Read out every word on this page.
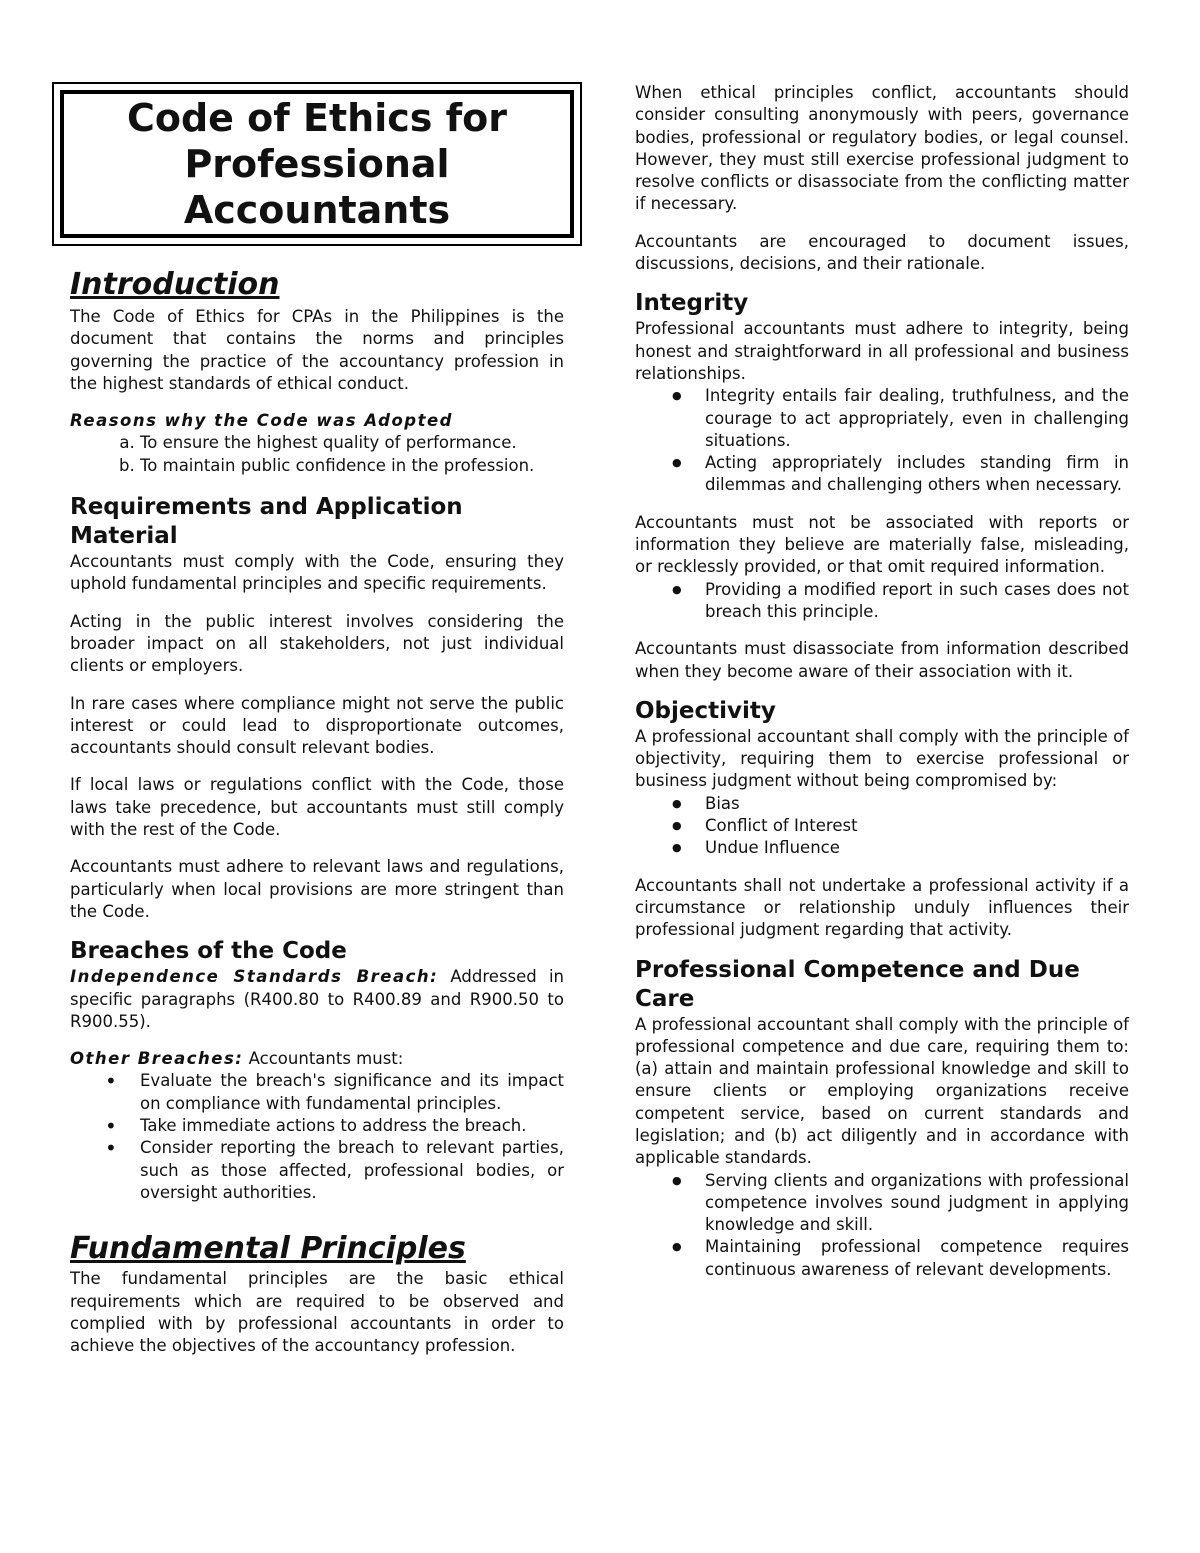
Code of Ethics for Professional Accountants
Introduction

The Code of Ethics for CPAs in the Philippines is the document that contains the norms and principles governing the practice of the accountancy profession in the highest standards of ethical conduct.

Reasons why the Code was Adopted

a. To ensure the highest quality of performance.
b. To maintain public confidence in the profession.
Requirements and Application Material

Accountants must comply with the Code, ensuring they uphold fundamental principles and specific requirements.

Acting in the public interest involves considering the broader impact on all stakeholders, not just individual clients or employers.

In rare cases where compliance might not serve the public interest or could lead to disproportionate outcomes, accountants should consult relevant bodies.

If local laws or regulations conflict with the Code, those laws take precedence, but accountants must still comply with the rest of the Code.

Accountants must adhere to relevant laws and regulations, particularly when local provisions are more stringent than the Code.

Breaches of the Code

Independence Standards Breach: Addressed in specific paragraphs (R400.80 to R400.89 and R900.50 to R900.55).

Other Breaches: Accountants must:

• Evaluate the breach's significance and its impact on compliance with fundamental principles.
• Take immediate actions to address the breach.
• Consider reporting the breach to relevant parties, such as those affected, professional bodies, or oversight authorities.
Fundamental Principles

The fundamental principles are the basic ethical requirements which are required to be observed and complied with by professional accountants in order to achieve the objectives of the accountancy profession.

When ethical principles conflict, accountants should consider consulting anonymously with peers, governance bodies, professional or regulatory bodies, or legal counsel. However, they must still exercise professional judgment to resolve conflicts or disassociate from the conflicting matter if necessary.

Accountants are encouraged to document issues, discussions, decisions, and their rationale.

Integrity

Professional accountants must adhere to integrity, being honest and straightforward in all professional and business relationships.

● Integrity entails fair dealing, truthfulness, and the courage to act appropriately, even in challenging situations.
● Acting appropriately includes standing firm in dilemmas and challenging others when necessary.

Accountants must not be associated with reports or information they believe are materially false, misleading, or recklessly provided, or that omit required information.

● Providing a modified report in such cases does not breach this principle.

Accountants must disassociate from information described when they become aware of their association with it.

Objectivity

A professional accountant shall comply with the principle of objectivity, requiring them to exercise professional or business judgment without being compromised by:

● Bias
● Conflict of Interest
● Undue Influence

Accountants shall not undertake a professional activity if a circumstance or relationship unduly influences their professional judgment regarding that activity.

Professional Competence and Due Care

A professional accountant shall comply with the principle of professional competence and due care, requiring them to: (a) attain and maintain professional knowledge and skill to ensure clients or employing organizations receive competent service, based on current standards and legislation; and (b) act diligently and in accordance with applicable standards.

● Serving clients and organizations with professional competence involves sound judgment in applying knowledge and skill.
● Maintaining professional competence requires continuous awareness of relevant developments.
